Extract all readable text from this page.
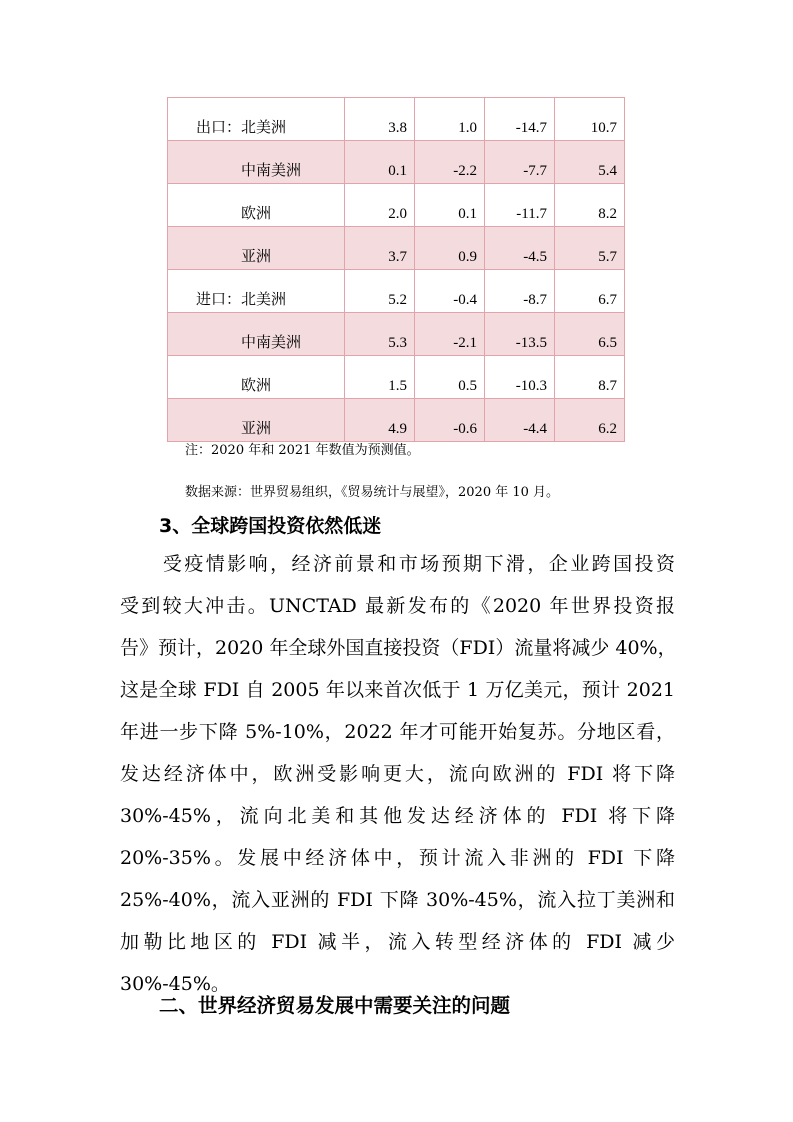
出口：北美洲	3.8	1.0	-14.7	10.7
中南美洲	0.1	-2.2	-7.7	5.4
欧洲	2.0	0.1	-11.7	8.2
亚洲	3.7	0.9	-4.5	5.7
进口：北美洲	5.2	-0.4	-8.7	6.7
中南美洲	5.3	-2.1	-13.5	6.5
欧洲	1.5	0.5	-10.3	8.7
亚洲	4.9	-0.6	-4.4	6.2
注：2020 年和 2021 年数值为预测值。
数据来源：世界贸易组织，《贸易统计与展望》，2020 年 10 月。
3、全球跨国投资依然低迷
　　受疫情影响，经济前景和市场预期下滑，企业跨国投资
受到较大冲击。UNCTAD 最新发布的《2020 年世界投资报
告》预计，2020 年全球外国直接投资（FDI）流量将减少 40%，
这是全球 FDI 自 2005 年以来首次低于 1 万亿美元，预计 2021
年进一步下降 5%-10%，2022 年才可能开始复苏。分地区看，
发达经济体中，欧洲受影响更大，流向欧洲的 FDI 将下降
30%-45%，流向北美和其他发达经济体的 FDI 将下降
20%-35%。发展中经济体中，预计流入非洲的 FDI 下降
25%-40%，流入亚洲的 FDI 下降 30%-45%，流入拉丁美洲和
加勒比地区的 FDI 减半，流入转型经济体的 FDI 减少
30%-45%。
二、世界经济贸易发展中需要关注的问题
